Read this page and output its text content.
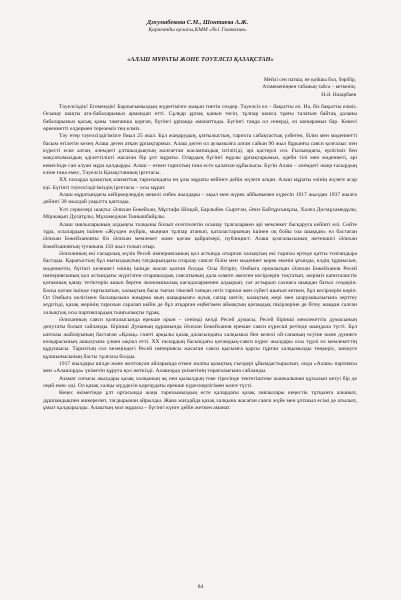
Джумабекова С.М., Шонтаева А.Ж.
Қарағанды қаласы,КММ «№1 Гимназия»
«АЛАШ МҰРАТЫ ЖӘНЕ ТӘУЕЛСІЗ ҚАЗАҚСТАН»
Мейлі сен патша, не қойшы бол, бәрібір,
Атамекеніңнен табаның тайса – кеткенің.
Н.Ә. Назарбаев

Тәуелсіздік! Егемендік! Барлығымыздың жүрегімізге жақын тиетін сөздер. Тәуелсіз ел – бақытты ел. Иә, біз бақытты елміз. Осынау шақты ата-бабаларымыз армандап өтті. Сұлқар ұрпақ қанын төгіп, тұлпар шапса тұяғы талатын байтақ даланы бабаларымыз қасық қаны тамғанша қорғап, бүгінгі ұрпаққа аманаттады. Бүгінгі таңда ол сенерді, өз шекарамыз бар. Көкесі өркениетті елдермен тереземіз тең елміз.

Тәу етер тәуелсіздігімізге биыл 25 жыл. Бұл жаңарудың, ұмтылыстың, тарихта сабақтастық үзбеген, білім мен мәдениетті басым өтілетін кезең Алаш деген атқан ұрпақтармыз. Алаш деген ол аузымызға алған сайын 90 жыл бұрынғы саяси қозғалыс пен күресті еске алған, әлемдегі ұлтшылдықтың жалғағтан жасампаздық ізгілігіді, әрі қастерлі сөз. Ғылымдағы, ерлігіміз бен мақсатымыздың әділеттілікті жасаған бір ұлт мұраты. Олардың бүгінгі нұрлы ұрпақтарымыз, әдеби тілі мен мәдениеті, әрі кемесінде сан алуан мұра қалдырды. Алаш – өткен тарихтың ғана есте қалатын құбылысы. Бүгін Алаш – әлемдегі жаңа ғасырдың еліне ғана емес, Тәуелсіз Қазақстанның іргетасы.

XX ғасырда қазақтың азаматтық тарихындағы ең ұлы мұраты кейінге дейін жүзеге асқан. Алаш мұраты өзінің жүзеге асар еді. Бүгінгі тәуелсіздігіміздің іргетасы – осы мұрат.

Алаш мұратындағы кейіркерлердің жекелі сибек жылдары – ақыл мен жүрек айбынымен күресіп 1917 жылдан 1937 жылға дейінгі 30 жылдай уақытта қаптады.

Ұлт серкелері шақты: Әлихан Бөкейхан, Мұстафа Шоқай, Барлыбек Сыртған, Әзиз Байтұрсынұлы, Халел Досмұхамедұлы, Міржақып Дулатұлы, Мұхамеджан Тынышбайұлы.

Алаш зиялыларының алдыңғы толқыны болып есептелетін осынау тұлғалармен әрі мемлекет басқаруға кейінгі елі. Сөйте тұра, осылардың ішінен «Жүзден жүйрік, мыңнан тұлпар атанып, қаталастарының ішінен оқ бойы оза шыққан» ел бастаған Әлихан Бөкейхановты біз Әлихан мемлекет және қоғам қайраткері, публицист. Алаш қозғалысының жетекшісі Әлихан Бөкейхановтың туғанына 150 жыл толып отыр.

Әлиханның екі ғасырлық жүзік Ресей империясының қол астында отырған халықтың екі тарихы ертеде қатты толғандыра бастады. Қарағыстың бұл нығыздықтың тағдырындағы отарлау саясат білім мен мәдениет керек екенін ұғынды, елдің тұрмысын, мәдениетін, бүгінгі келешегі өзінің ішінде жасап қалған болды. Осы бітіріп, Омбыға орналасқан Әлихан Бөкейханов Ресей империясының қол астындағы жүргізген отаршылдық саясатының дала өлкеге әкелген кесірлерін тоқтатып, жеріміз капиталистік қоғамның қанау тетіктерін ашып берген экономикалық кагидаларменен алдырып, сағ астырып сахнаға шыққан батыл сөздерін. Басқа қоғам ішінде тартылатын, халықтың басы тығыз тікелей тапқан сегіз тарихи мен сүйегі шығып кеткен, бұл кесірлерін көріп. Ол Омбыға келісімен басыңызына жиырма мың шақырымға жуық сапар шегіп, казақтың жері мен шаруашылығына зерттеу жүргізді, қазақ жерінің тарихын саралап кейін де бұл атқарған еңбегімен аймақтың қоғамдық пікірлеріне де бітеу жаққан салған халықтық осы партиялардың тыңғылықты тұрақ.

Әлиханның саяси қозғалысында ерекше орын – сенімді келді Ресей думасы, Ресей бірінші мемлекеттік думасының депутаты болып сайланды. Бірінші Думаның құрамында Әлихан Бөкейханов ерекше саяси күресші ретінде шыңдала түсті. Бұл ынталы жайлауының бастаған «Қазақ» газеті арқылы қазақ даласындағы халқымыз бен келелі ой-сананың өсуіне және дүниеге көзқарасының ашылуына үлкен ықпал етті. XX ғасырдың басындағы қоғамдық-саяси күрес жылдары осы түрлі ел мемлекеттің құрушысы. Тарихтың сол кезеңіндегі Ресей империясы жасаған саяси қысымға қарсы тұрған халқымызды төңкеріс, шешуге құлшынысының басты тұлғасы болды.

1917 жылдары шілде және желтоқсан айларында өткен жалпы қазақтық съездері ұйымдастырылып, онда «Алаш» партиясы мен «Алашорда» үкіметін құруға қол жеткізді. Алашорда үкіметінің төрағалығына сайланды.

Азамат соғысы жылдары қазақ халқының ақ пен қызылдың теке тіресінде тектегіштеке жанжалынан құтылып кетуі бір де оңай емес еді. Ол қазақ халқы мүддесін қорғаудағы ерекше күрескерлігімен көзге түсті.

Кеңес өкіметінде ұлт ортасында жаңа тарихымыздың есте қалардағы қазақ зиялылары кеңестік тұтқынға алынып, дұшпандықпен әшкерелеп, тағдырынан айрылды. Жана жағдайда қазақ халқына жасаған саяси жүйе мен ұлтшыл есімі де атылып, ұмыт қалдырылды. Алаштың мол мұрасы – бүгінгі күнге дейін жеткен аманат.

84
